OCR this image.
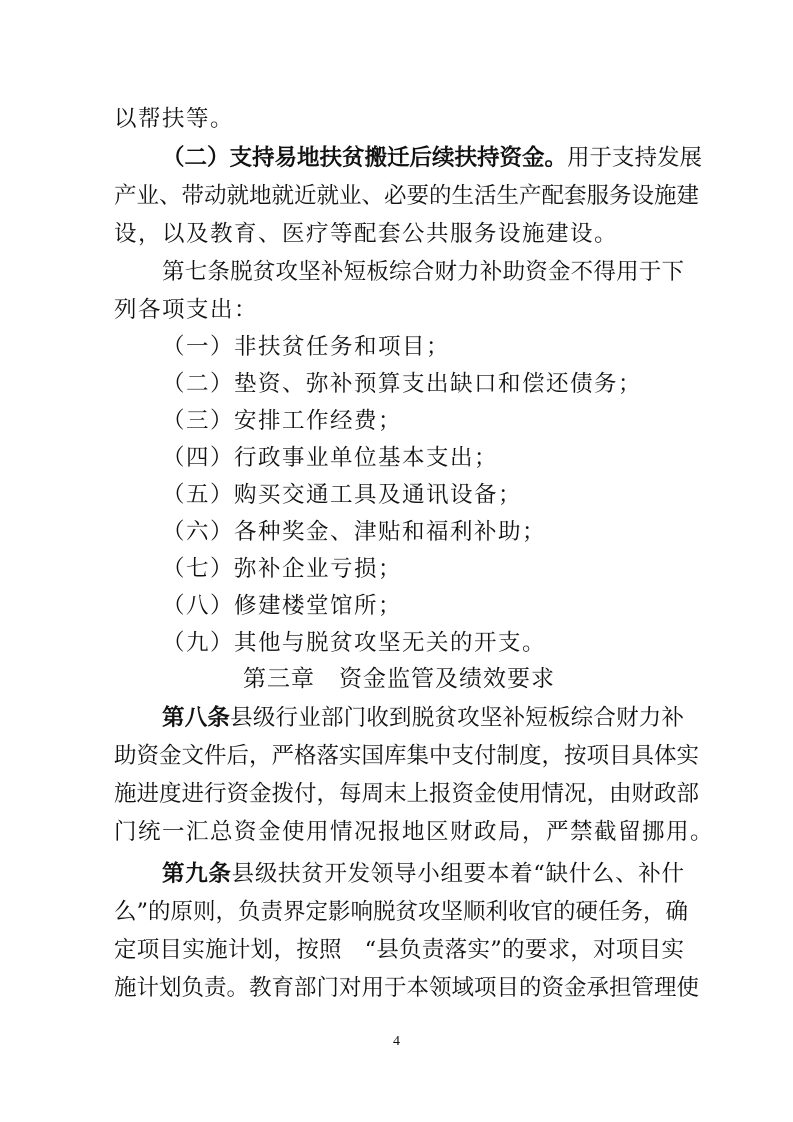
以帮扶等。
（二）支持易地扶贫搬迁后续扶持资金。用于支持发展
产业、带动就地就近就业、必要的生活生产配套服务设施建
设，以及教育、医疗等配套公共服务设施建设。
第七条脱贫攻坚补短板综合财力补助资金不得用于下
列各项支出：
（一）非扶贫任务和项目；
（二）垫资、弥补预算支出缺口和偿还债务；
（三）安排工作经费；
（四）行政事业单位基本支出；
（五）购买交通工具及通讯设备；
（六）各种奖金、津贴和福利补助；
（七）弥补企业亏损；
（八）修建楼堂馆所；
（九）其他与脱贫攻坚无关的开支。
第三章　资金监管及绩效要求
第八条县级行业部门收到脱贫攻坚补短板综合财力补
助资金文件后，严格落实国库集中支付制度，按项目具体实
施进度进行资金拨付，每周末上报资金使用情况，由财政部
门统一汇总资金使用情况报地区财政局，严禁截留挪用。
第九条县级扶贫开发领导小组要本着“缺什么、补什
么”的原则，负责界定影响脱贫攻坚顺利收官的硬任务，确
定项目实施计划，按照　“县负责落实”的要求，对项目实
施计划负责。教育部门对用于本领域项目的资金承担管理使
4
